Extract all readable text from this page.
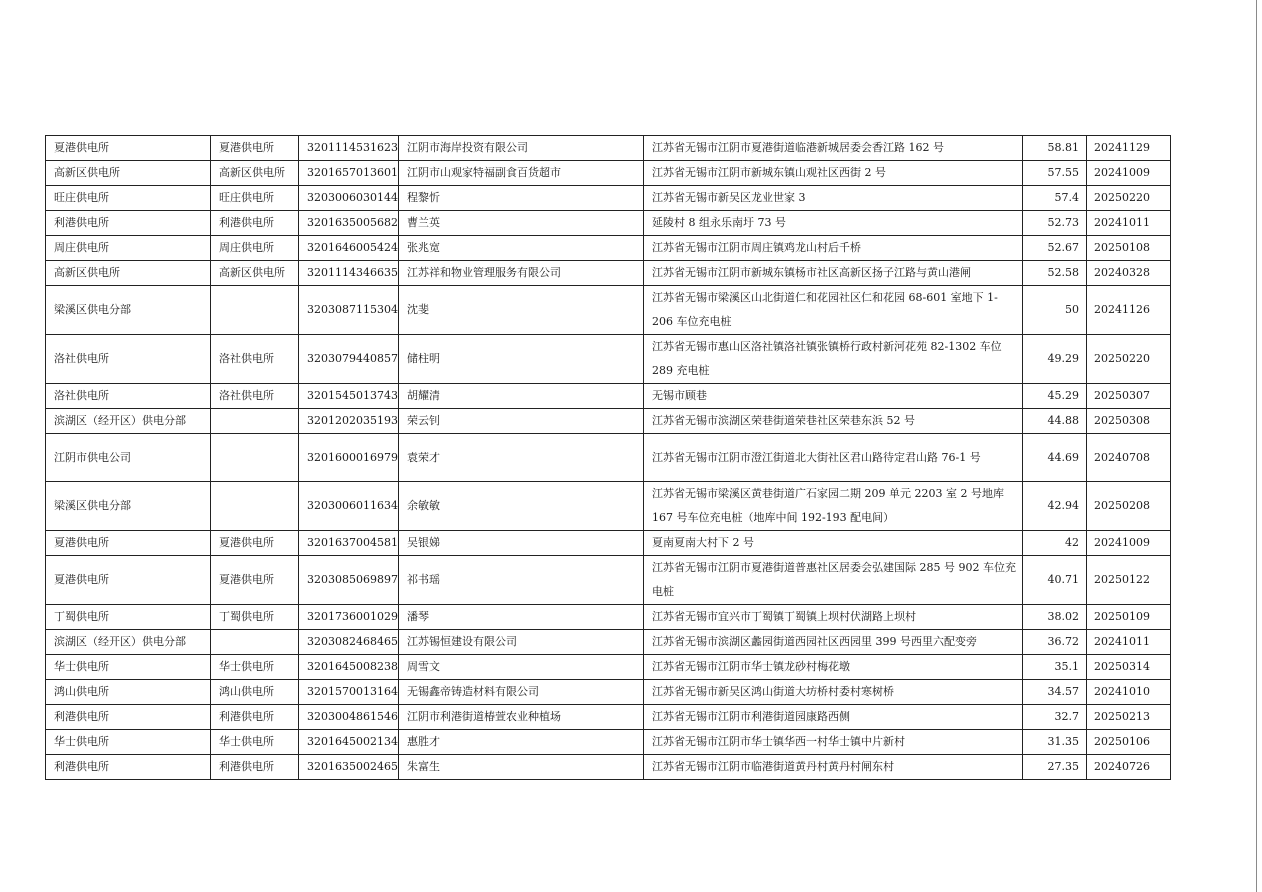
夏港供电所	夏港供电所	3201114531623	江阴市海岸投资有限公司	江苏省无锡市江阴市夏港街道临港新城居委会香江路 162 号	58.81	20241129
高新区供电所	高新区供电所	3201657013601	江阴市山观家特福副食百货超市	江苏省无锡市江阴市新城东镇山观社区西街 2 号	57.55	20241009
旺庄供电所	旺庄供电所	3203006030144	程黎忻	江苏省无锡市新吴区龙业世家 3	57.4	20250220
利港供电所	利港供电所	3201635005682	曹兰英	延陵村 8 组永乐南圩 73 号	52.73	20241011
周庄供电所	周庄供电所	3201646005424	张兆宽	江苏省无锡市江阴市周庄镇鸡龙山村后千桥	52.67	20250108
高新区供电所	高新区供电所	3201114346635	江苏祥和物业管理服务有限公司	江苏省无锡市江阴市新城东镇杨市社区高新区扬子江路与黄山港闸	52.58	20240328
梁溪区供电分部		3203087115304	沈斐	江苏省无锡市梁溪区山北街道仁和花园社区仁和花园 68-601 室地下 1-206 车位充电桩	50	20241126
洛社供电所	洛社供电所	3203079440857	储柱明	江苏省无锡市惠山区洛社镇洛社镇张镇桥行政村新河花苑 82-1302 车位 289 充电桩	49.29	20250220
洛社供电所	洛社供电所	3201545013743	胡耀清	无锡市顾巷	45.29	20250307
滨湖区（经开区）供电分部		3201202035193	荣云钊	江苏省无锡市滨湖区荣巷街道荣巷社区荣巷东浜 52 号	44.88	20250308
江阴市供电公司		3201600016979	袁荣才	江苏省无锡市江阴市澄江街道北大街社区君山路待定君山路 76-1 号	44.69	20240708
梁溪区供电分部		3203006011634	余敏敏	江苏省无锡市梁溪区黄巷街道广石家园二期 209 单元 2203 室 2 号地库 167 号车位充电桩（地库中间 192-193 配电间）	42.94	20250208
夏港供电所	夏港供电所	3201637004581	吴银娣	夏南夏南大村下 2 号	42	20241009
夏港供电所	夏港供电所	3203085069897	祁书瑶	江苏省无锡市江阴市夏港街道普惠社区居委会弘建国际 285 号 902 车位充电桩	40.71	20250122
丁蜀供电所	丁蜀供电所	3201736001029	潘琴	江苏省无锡市宜兴市丁蜀镇丁蜀镇上坝村伏湖路上坝村	38.02	20250109
滨湖区（经开区）供电分部		3203082468465	江苏锡恒建设有限公司	江苏省无锡市滨湖区蠡园街道西园社区西园里 399 号西里六配变旁	36.72	20241011
华士供电所	华士供电所	3201645008238	周雪文	江苏省无锡市江阴市华士镇龙砂村梅花墩	35.1	20250314
鸿山供电所	鸿山供电所	3201570013164	无锡鑫帝铸造材料有限公司	江苏省无锡市新吴区鸿山街道大坊桥村委村寒树桥	34.57	20241010
利港供电所	利港供电所	3203004861546	江阴市利港街道椿萱农业种植场	江苏省无锡市江阴市利港街道园康路西侧	32.7	20250213
华士供电所	华士供电所	3201645002134	惠胜才	江苏省无锡市江阴市华士镇华西一村华士镇中片新村	31.35	20250106
利港供电所	利港供电所	3201635002465	朱富生	江苏省无锡市江阴市临港街道黄丹村黄丹村闸东村	27.35	20240726
